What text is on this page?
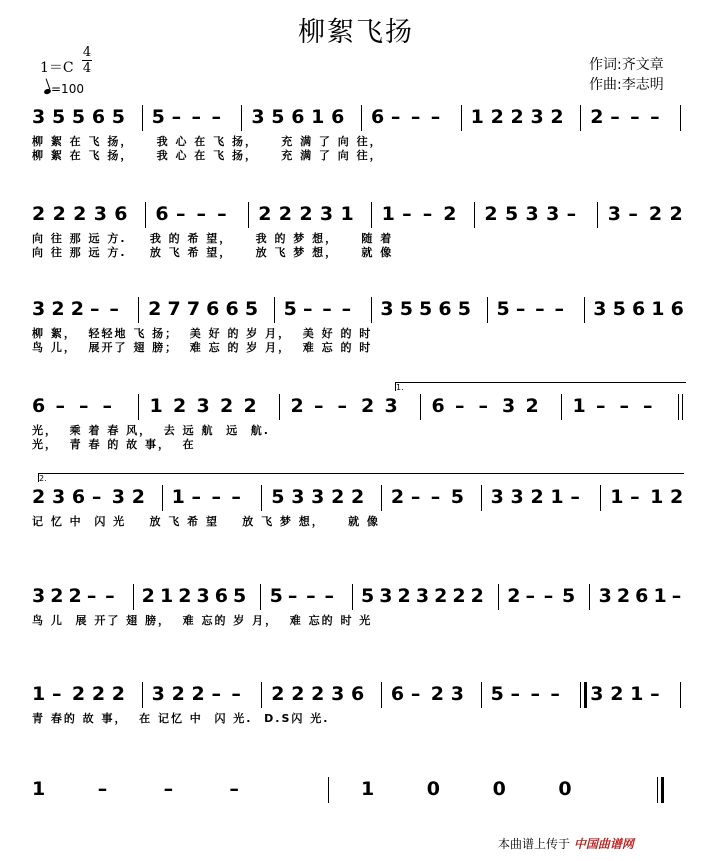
柳絮飞扬
1＝C
4
4
=100
作词:齐文章
作曲:李志明
3 5 5 6 5 5 – – – 3 5 6 1 6 6 – – – 1 2 2 3 2 2 – – –
柳 絮 在 飞 扬，    我 心 在 飞 扬，    充 满 了 向 往，
柳 絮 在 飞 扬，    我 心 在 飞 扬，    充 满 了 向 往，
2 2 2 3 6 6 – – – 2 2 2 3 1 1 – – 2 2 5 3 3 – 3 – 2 2
向 往 那 远 方.    我 的 希 望，    我 的 梦 想，    随 着
向 往 那 远 方.    放 飞 希 望，    放 飞 梦 想，    就 像
3 2 2 – – 2 7 7 6 6 5 5 – – – 3 5 5 6 5 5 – – – 3 5 6 1 6
柳 絮，  轻轻地 飞 扬；  美 好 的 岁 月，  美 好 的 时
鸟 儿，  展开了 翅 膀；  难 忘 的 岁 月，  难 忘 的 时
6 – – – 1 2 3 2 2 2 – – 2 3 6 – – 3 2 1 – – –
1.
光，  乘 着 春 风，  去 远 航  远  航.
光，  青 春 的 故 事，  在
2 3 6 – 3 2 1 – – – 5 3 3 2 2 2 – – 5 3 3 2 1 – 1 – 1 2
2.
记 忆 中  闪 光    放 飞 希 望    放 飞 梦 想，    就 像
3 2 2 – – 2 1 2 3 6 5 5 – – – 5 3 2 3 2 2 2 2 – – 5 3 2 6 1 –
鸟 儿  展 开了 翅 膀，  难 忘的 岁 月，  难 忘的 时 光
1 – 2 2 2 3 2 2 – – 2 2 2 3 6 6 – 2 3 5 – – – 3 2 1 –
青 春的 故 事，  在 记忆 中  闪 光.  D.S闪 光.
1	–	–	–	1	0	0	0
本曲谱上传于 中国曲谱网
